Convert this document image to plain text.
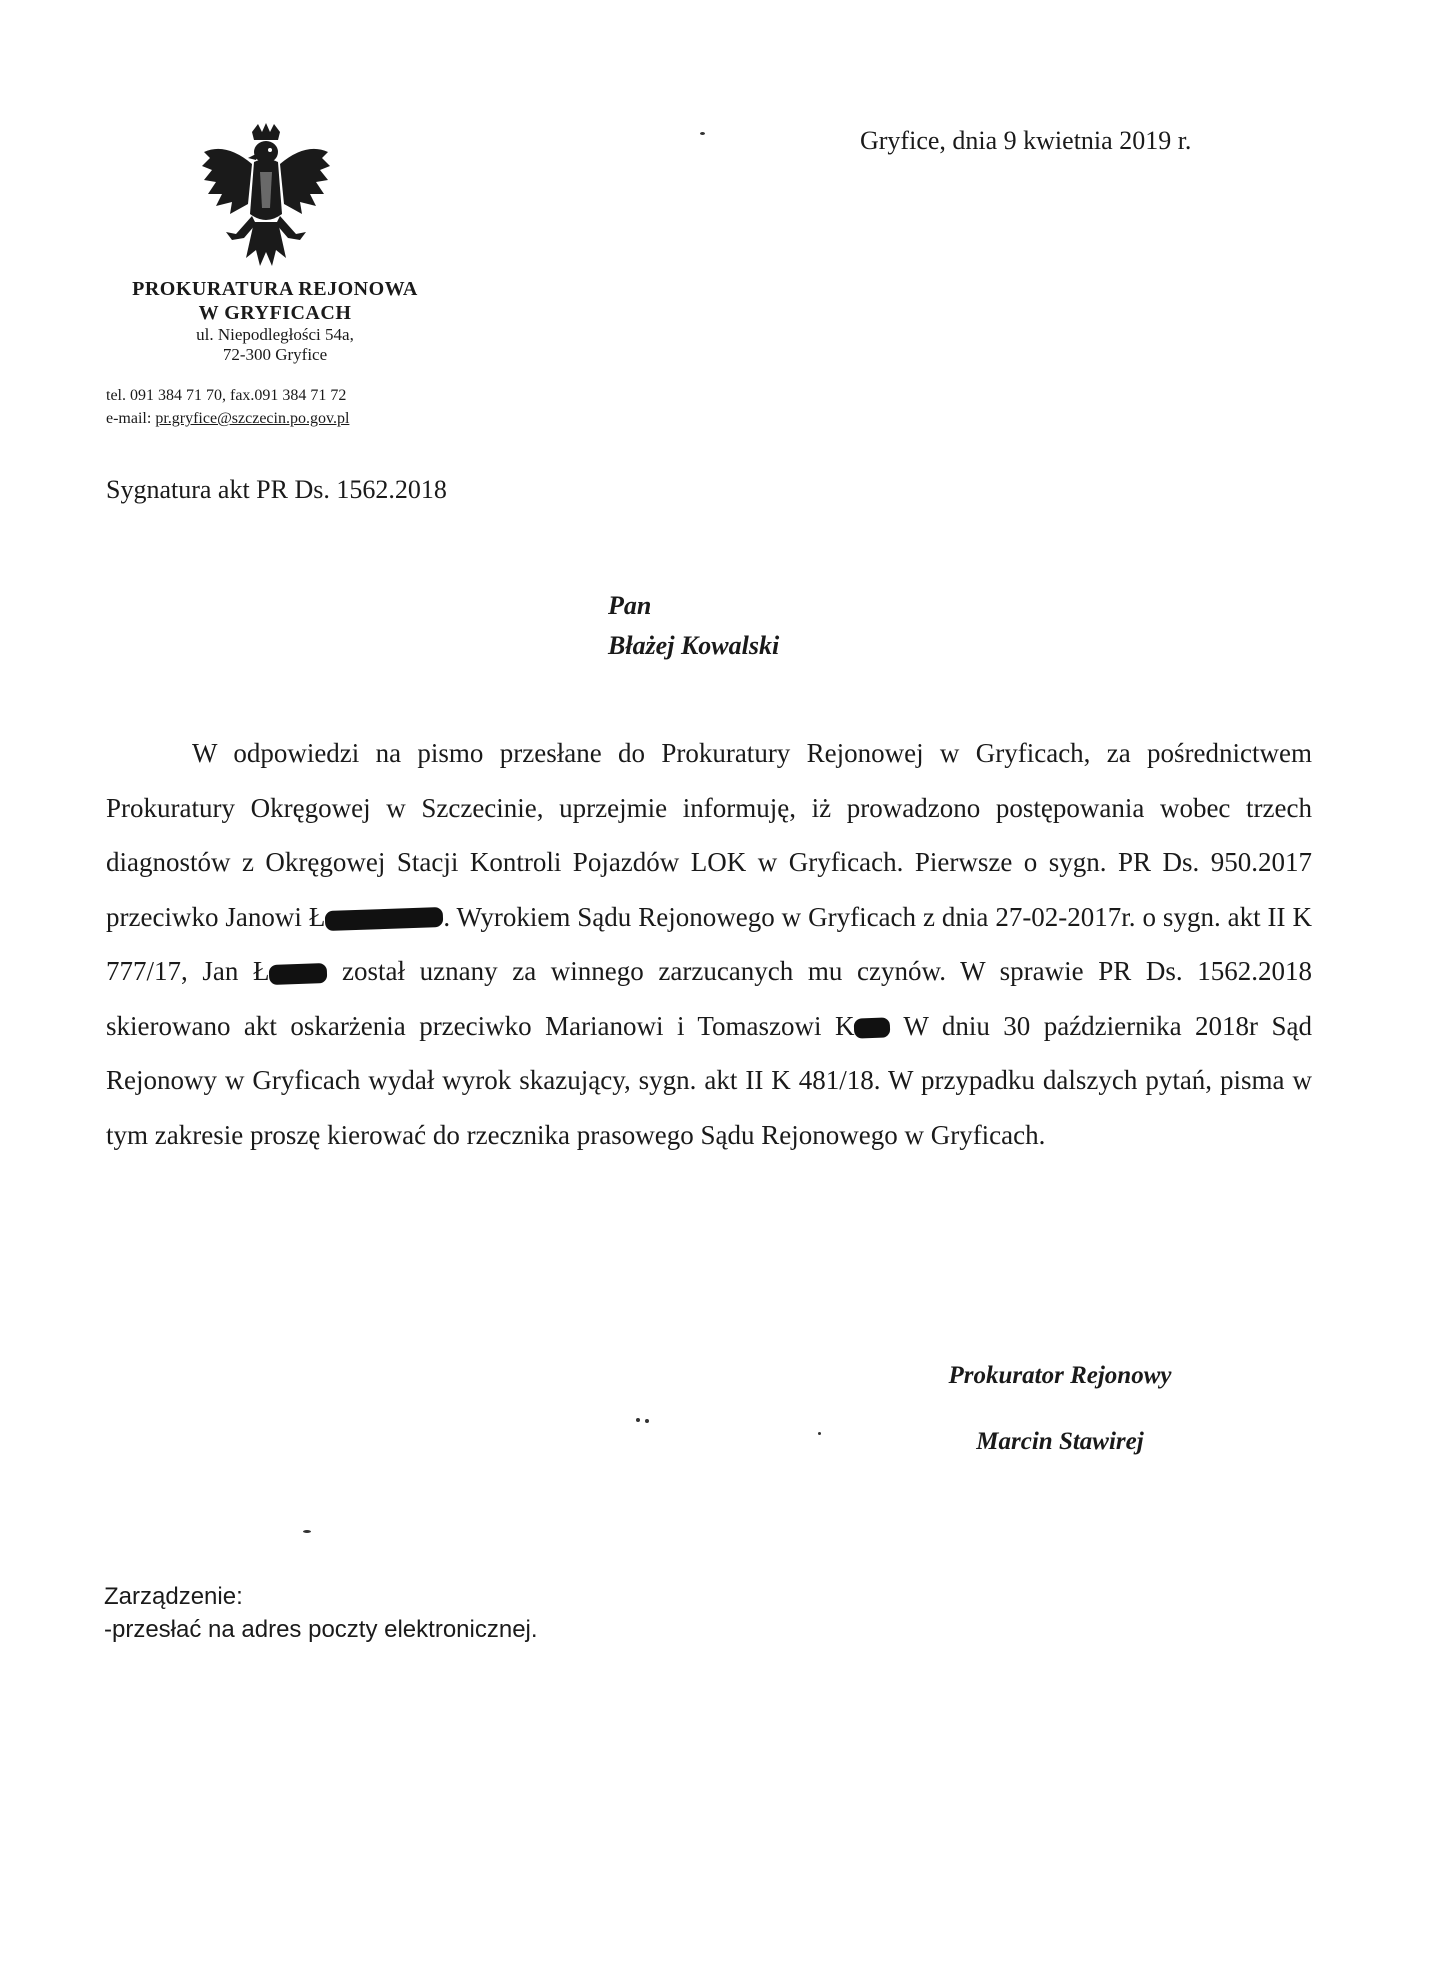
PROKURATURA REJONOWA
W GRYFICACH
ul. Niepodległości 54a,
72-300 Gryfice
tel. 091 384 71 70, fax.091 384 71 72
e-mail: pr.gryfice@szczecin.po.gov.pl
Gryfice, dnia 9 kwietnia 2019 r.
Sygnatura akt PR Ds. 1562.2018
Pan
Błażej Kowalski
W odpowiedzi na pismo przesłane do Prokuratury Rejonowej w Gryficach, za pośrednictwem Prokuratury Okręgowej w Szczecinie, uprzejmie informuję, iż prowadzono postępowania wobec trzech diagnostów z Okręgowej Stacji Kontroli Pojazdów LOK w Gryficach. Pierwsze o sygn. PR Ds. 950.2017 przeciwko Janowi Ł	. Wyrokiem Sądu Rejonowego w Gryficach z dnia 27-02-2017r. o sygn. akt II K 777/17, Jan Ł został uznany za winnego zarzucanych mu czynów. W sprawie PR Ds. 1562.2018 skierowano akt oskarżenia przeciwko Marianowi i Tomaszowi K W dniu 30 października 2018r Sąd Rejonowy w Gryficach wydał wyrok skazujący, sygn. akt II K 481/18. W przypadku dalszych pytań, pisma w tym zakresie proszę kierować do rzecznika prasowego Sądu Rejonowego w Gryficach.
Prokurator Rejonowy
Marcin Stawirej
Zarządzenie:
-przesłać na adres poczty elektronicznej.
